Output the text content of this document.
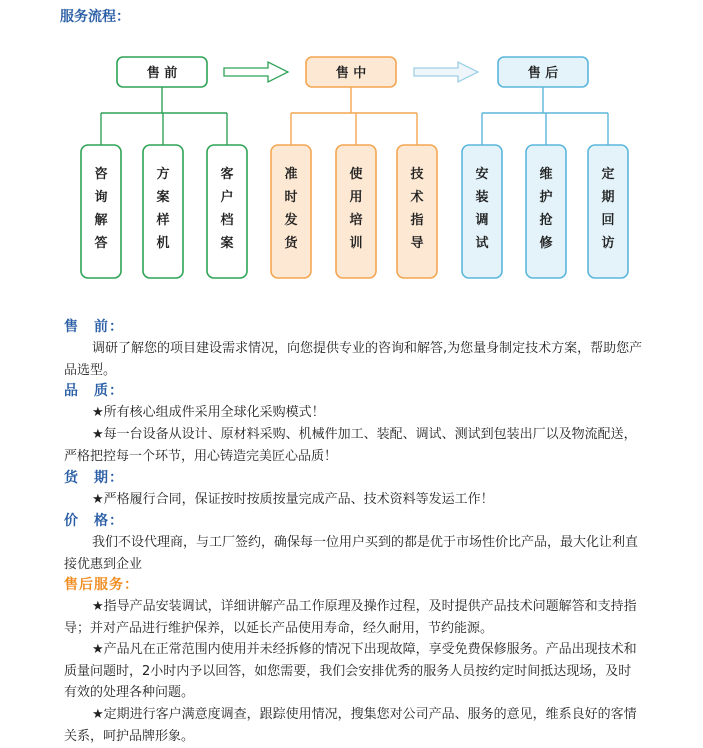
服务流程：
售 前
咨
询
解
答
方
案
样
机
客
户
档
案
售 中
准
时
发
货
使
用
培
训
技
术
指
导
售 后
安
装
调
试
维
护
抢
修
定
期
回
访
售　前：
调研了解您的项目建设需求情况，向您提供专业的咨询和解答,为您量身制定技术方案，帮助您产品选型。
品　质：
★所有核心组成件采用全球化采购模式！
★每一台设备从设计、原材料采购、机械件加工、装配、调试、测试到包装出厂以及物流配送，严格把控每一个环节，用心铸造完美匠心品质！
货　期：
★严格履行合同，保证按时按质按量完成产品、技术资料等发运工作！
价　格：
我们不设代理商，与工厂签约，确保每一位用户买到的都是优于市场性价比产品，最大化让利直接优惠到企业
售后服务：
★指导产品安装调试，详细讲解产品工作原理及操作过程，及时提供产品技术问题解答和支持指导；并对产品进行维护保养，以延长产品使用寿命，经久耐用，节约能源。
★产品凡在正常范围内使用并未经拆修的情况下出现故障，享受免费保修服务。产品出现技术和质量问题时，2小时内予以回答，如您需要，我们会安排优秀的服务人员按约定时间抵达现场，及时有效的处理各种问题。
★定期进行客户满意度调查，跟踪使用情况，搜集您对公司产品、服务的意见，维系良好的客情关系，呵护品牌形象。
